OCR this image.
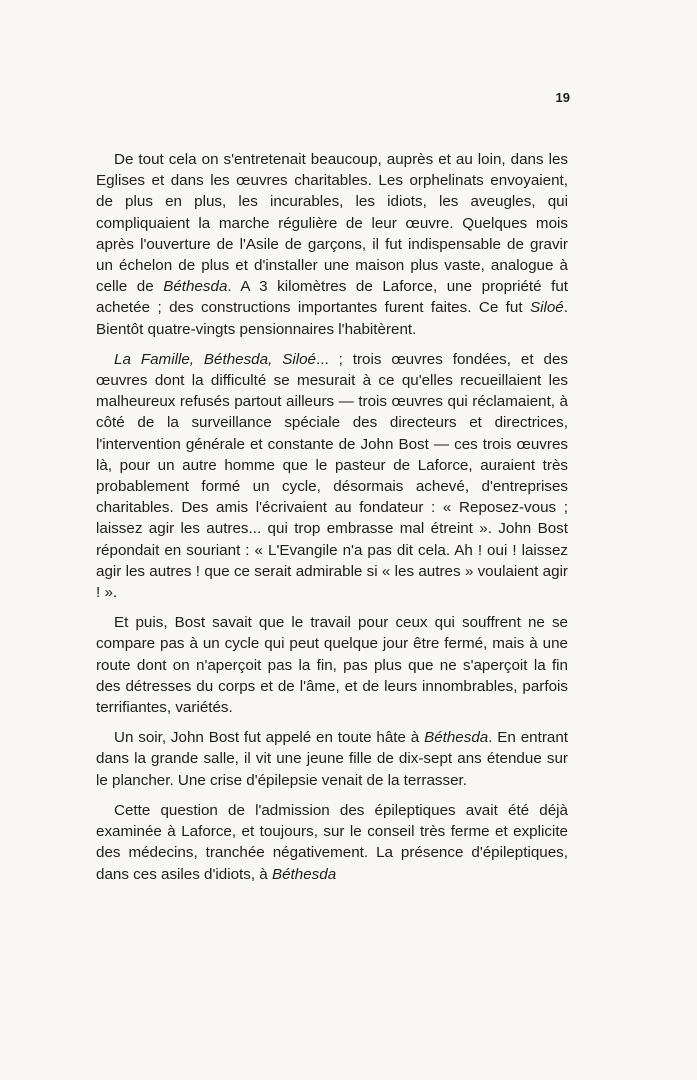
19

De tout cela on s'entretenait beaucoup, auprès et au loin, dans les Eglises et dans les œuvres charitables. Les orphelinats envoyaient, de plus en plus, les incurables, les idiots, les aveugles, qui compliquaient la marche régulière de leur œuvre. Quelques mois après l'ouverture de l'Asile de garçons, il fut indispensable de gravir un échelon de plus et d'installer une maison plus vaste, analogue à celle de Béthesda. A 3 kilomètres de Laforce, une propriété fut achetée ; des constructions importantes furent faites. Ce fut Siloé. Bientôt quatre-vingts pensionnaires l'habitèrent.

La Famille, Béthesda, Siloé... ; trois œuvres fondées, et des œuvres dont la difficulté se mesurait à ce qu'elles recueillaient les malheureux refusés partout ailleurs — trois œuvres qui réclamaient, à côté de la surveillance spéciale des directeurs et directrices, l'intervention générale et constante de John Bost — ces trois œuvres là, pour un autre homme que le pasteur de Laforce, auraient très probablement formé un cycle, désormais achevé, d'entreprises charitables. Des amis l'écrivaient au fondateur : « Reposez-vous ; laissez agir les autres... qui trop embrasse mal étreint ». John Bost répondait en souriant : « L'Evangile n'a pas dit cela. Ah ! oui ! laissez agir les autres ! que ce serait admirable si « les autres » voulaient agir ! ».

Et puis, Bost savait que le travail pour ceux qui souffrent ne se compare pas à un cycle qui peut quelque jour être fermé, mais à une route dont on n'aperçoit pas la fin, pas plus que ne s'aperçoit la fin des détresses du corps et de l'âme, et de leurs innombrables, parfois terrifiantes, variétés.

Un soir, John Bost fut appelé en toute hâte à Béthesda. En entrant dans la grande salle, il vit une jeune fille de dix-sept ans étendue sur le plancher. Une crise d'épilepsie venait de la terrasser.

Cette question de l'admission des épileptiques avait été déjà examinée à Laforce, et toujours, sur le conseil très ferme et explicite des médecins, tranchée négativement. La présence d'épileptiques, dans ces asiles d'idiots, à Béthesda
